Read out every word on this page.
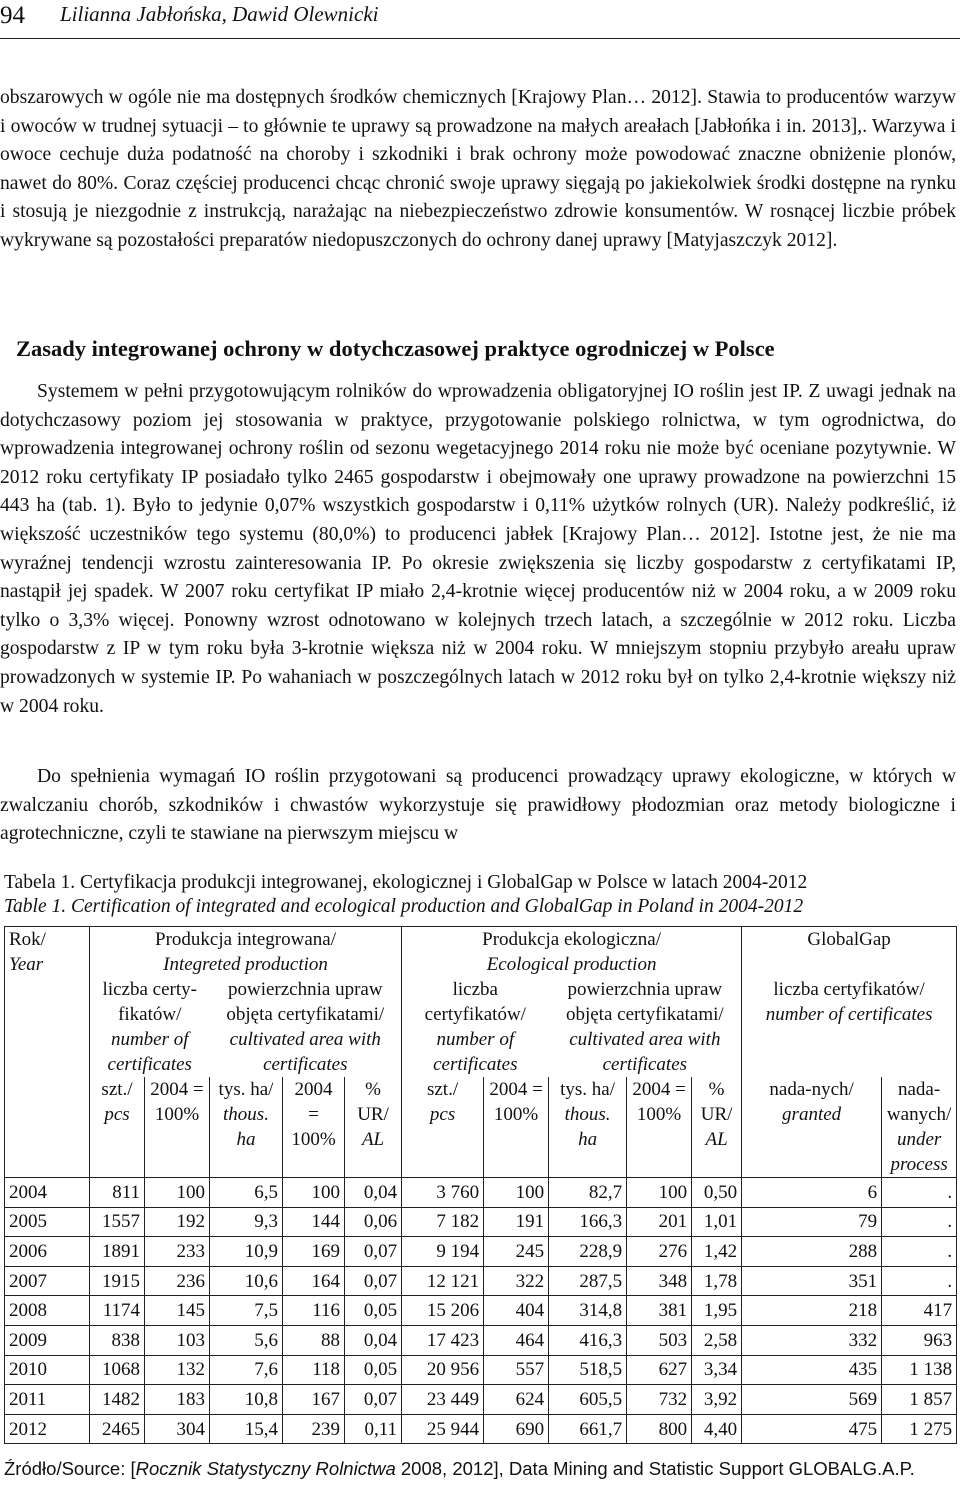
94 Lilianna Jabłońska, Dawid Olewnicki

obszarowych w ogóle nie ma dostępnych środków chemicznych [Krajowy Plan… 2012]. Stawia to producentów warzyw i owoców w trudnej sytuacji – to głównie te uprawy są prowadzone na małych areałach [Jabłońka i in. 2013],. Warzywa i owoce cechuje duża podatność na choroby i szkodniki i brak ochrony może powodować znaczne obniżenie plonów, nawet do 80%. Coraz częściej producenci chcąc chronić swoje uprawy sięgają po jakiekolwiek środki dostępne na rynku i stosują je niezgodnie z instrukcją, narażając na niebezpieczeństwo zdrowie konsumentów. W rosnącej liczbie próbek wykrywane są pozostałości preparatów niedopuszczonych do ochrony danej uprawy [Matyjaszczyk 2012].

Zasady integrowanej ochrony w dotychczasowej praktyce ogrodniczej w Polsce

Systemem w pełni przygotowującym rolników do wprowadzenia obligatoryjnej IO roślin jest IP. Z uwagi jednak na dotychczasowy poziom jej stosowania w praktyce, przygotowanie polskiego rolnictwa, w tym ogrodnictwa, do wprowadzenia integrowanej ochrony roślin od sezonu wegetacyjnego 2014 roku nie może być oceniane pozytywnie. W 2012 roku certyfikaty IP posiadało tylko 2465 gospodarstw i obejmowały one uprawy prowadzone na powierzchni 15 443 ha (tab. 1). Było to jedynie 0,07% wszystkich gospodarstw i 0,11% użytków rolnych (UR). Należy podkreślić, iż większość uczestników tego systemu (80,0%) to producenci jabłek [Krajowy Plan… 2012]. Istotne jest, że nie ma wyraźnej tendencji wzrostu zainteresowania IP. Po okresie zwiększenia się liczby gospodarstw z certyfikatami IP, nastąpił jej spadek. W 2007 roku certyfikat IP miało 2,4-krotnie więcej producentów niż w 2004 roku, a w 2009 roku tylko o 3,3% więcej. Ponowny wzrost odnotowano w kolejnych trzech latach, a szczególnie w 2012 roku. Liczba gospodarstw z IP w tym roku była 3-krotnie większa niż w 2004 roku. W mniejszym stopniu przybyło areału upraw prowadzonych w systemie IP. Po wahaniach w poszczególnych latach w 2012 roku był on tylko 2,4-krotnie większy niż w 2004 roku.

Do spełnienia wymagań IO roślin przygotowani są producenci prowadzący uprawy ekologiczne, w których w zwalczaniu chorób, szkodników i chwastów wykorzystuje się prawidłowy płodozmian oraz metody biologiczne i agrotechniczne, czyli te stawiane na pierwszym miejscu w

Tabela 1. Certyfikacja produkcji integrowanej, ekologicznej i GlobalGap w Polsce w latach 2004-2012

Table 1. Certification of integrated and ecological production and GlobalGap in Poland in 2004-2012

Rok/
Year	Produkcja integrowana/
Integreted production					Produkcja ekologiczna/
Ecological production					GlobalGap	
	liczba certy-fikatów/
number of certificates		powierzchnia upraw objęta certyfikatami/
cultivated area with certificates			liczba certyfikatów/
number of certificates		powierzchnia upraw objęta certyfikatami/
cultivated area with certificates			liczba certyfikatów/
number of certificates	

	szt./
pcs	2004 = 100%	tys. ha/
thous. ha	2004 = 100%	% UR/
AL	szt./
pcs	2004 = 100%	tys. ha/
thous. ha	2004 = 100%	% UR/
AL	nada-nych/
granted	nada-wanych/
under process

2004	811	100	6,5	100	0,04	3 760	100	82,7	100	0,50	6	.
2005	1557	192	9,3	144	0,06	7 182	191	166,3	201	1,01	79	.
2006	1891	233	10,9	169	0,07	9 194	245	228,9	276	1,42	288	.
2007	1915	236	10,6	164	0,07	12 121	322	287,5	348	1,78	351	.
2008	1174	145	7,5	116	0,05	15 206	404	314,8	381	1,95	218	417
2009	838	103	5,6	88	0,04	17 423	464	416,3	503	2,58	332	963
2010	1068	132	7,6	118	0,05	20 956	557	518,5	627	3,34	435	1 138
2011	1482	183	10,8	167	0,07	23 449	624	605,5	732	3,92	569	1 857
2012	2465	304	15,4	239	0,11	25 944	690	661,7	800	4,40	475	1 275

Źródło/Source: [Rocznik Statystyczny Rolnictwa 2008, 2012], Data Mining and Statistic Support GLOBALG.A.P.
